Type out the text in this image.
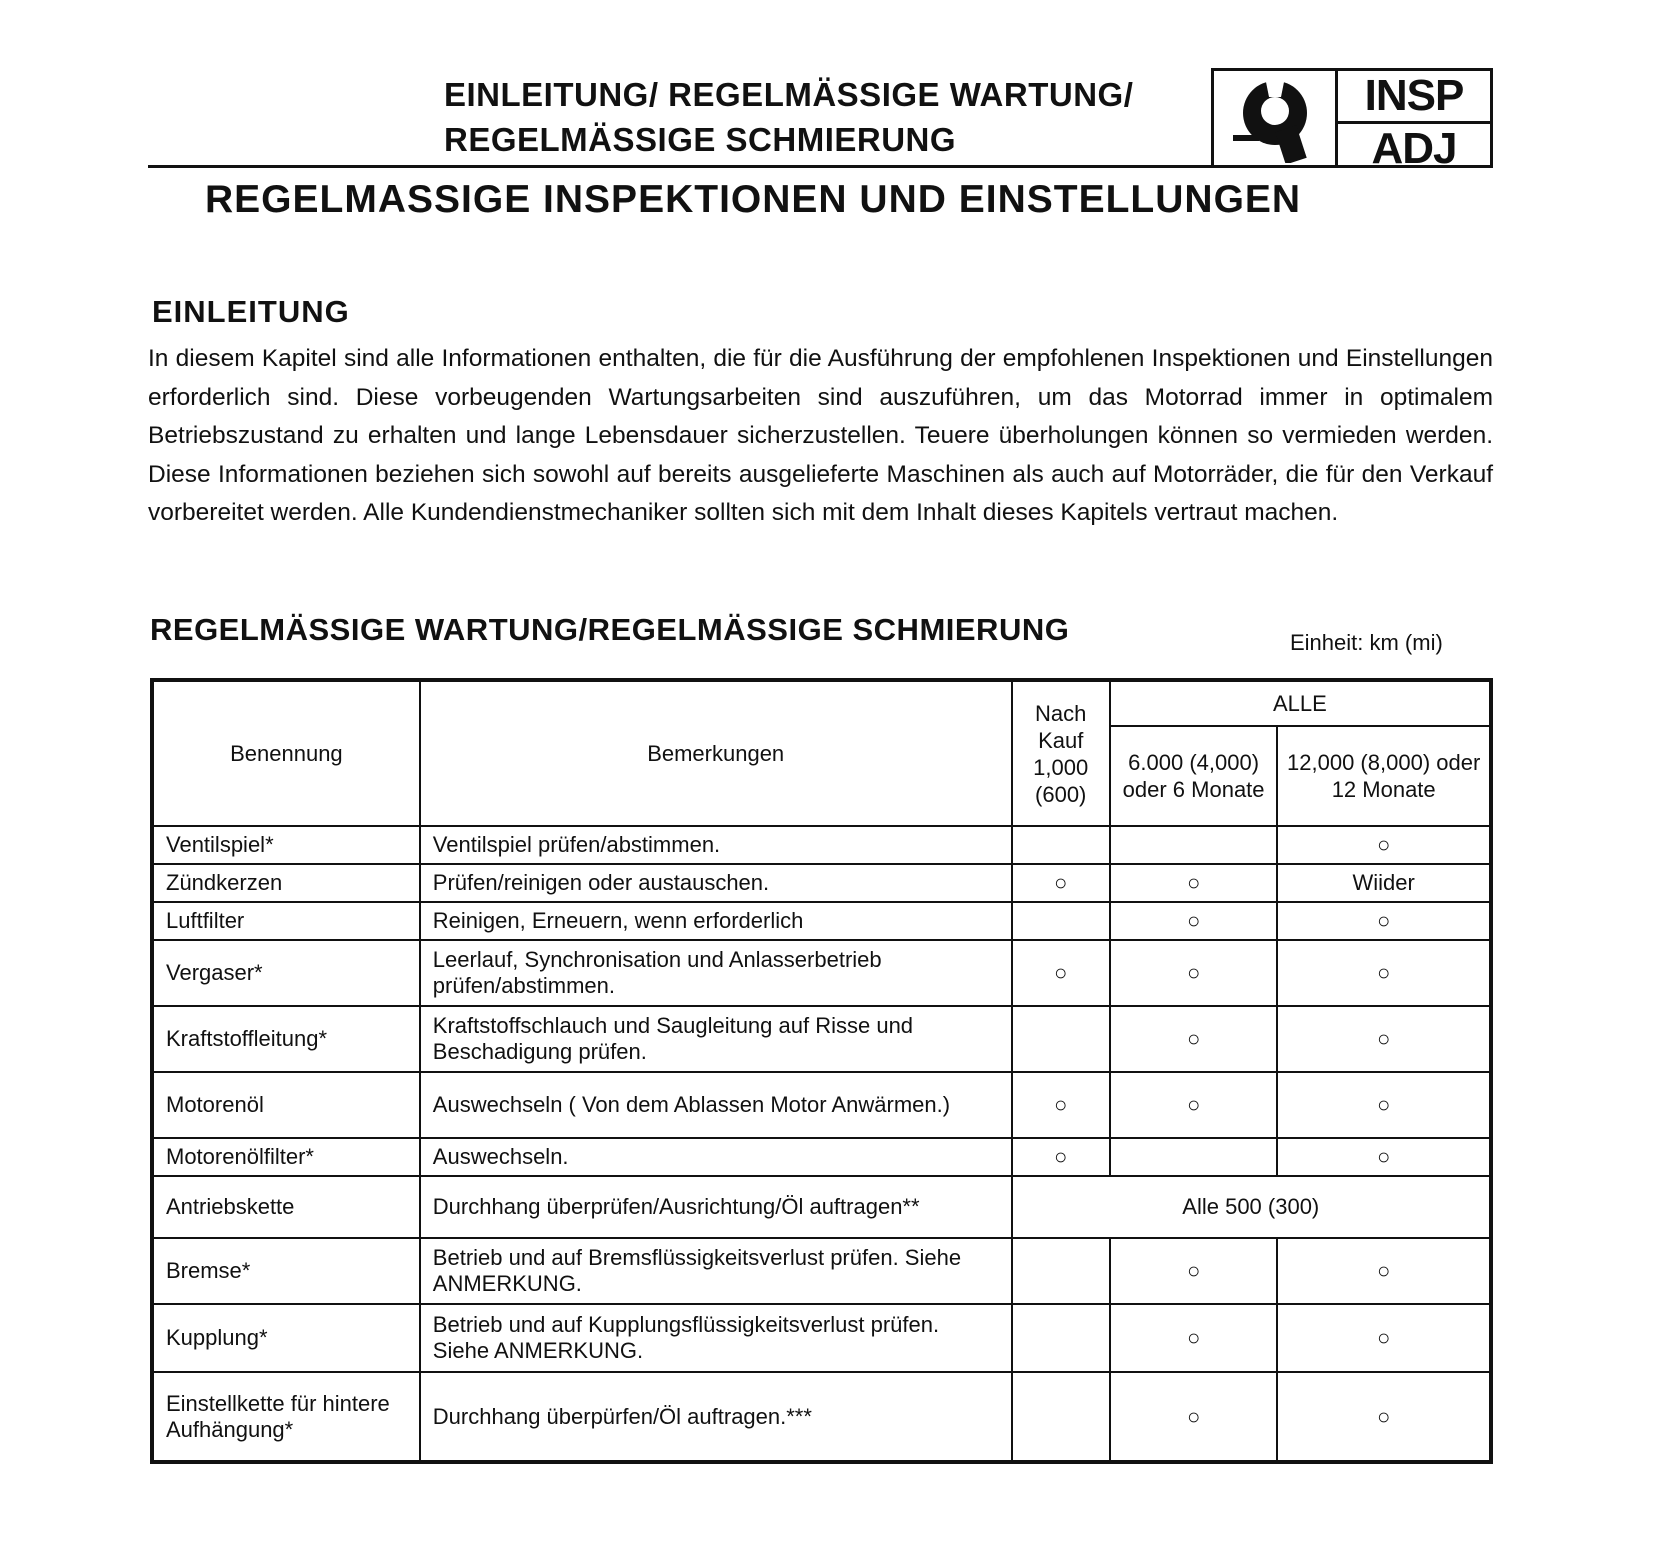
EINLEITUNG/ REGELMÄSSIGE WARTUNG/
REGELMÄSSIGE SCHMIERUNG
INSP
ADJ
REGELMASSIGE INSPEKTIONEN UND EINSTELLUNGEN
EINLEITUNG
In diesem Kapitel sind alle Informationen enthalten, die für die Ausführung der empfohlenen Inspektionen und Einstellungen erforderlich sind. Diese vorbeugenden Wartungsarbeiten sind auszuführen, um das Motorrad immer in optimalem Betriebszustand zu erhalten und lange Lebensdauer sicherzustellen. Teuere überholungen können so vermieden werden. Diese Informationen beziehen sich sowohl auf bereits ausgelieferte Maschinen als auch auf Motorräder, die für den Verkauf vorbereitet werden. Alle Kundendienstmechaniker sollten sich mit dem Inhalt dieses Kapitels vertraut machen.
REGELMÄSSIGE WARTUNG/REGELMÄSSIGE SCHMIERUNG	Einheit: km (mi)
Benennung	Bemerkungen	Nach Kauf 1,000 (600)	ALLE	
			6.000 (4,000) oder 6 Monate	12,000 (8,000) oder 12 Monate
Ventilspiel*	Ventilspiel prüfen/abstimmen.			○
Zündkerzen	Prüfen/reinigen oder austauschen.	○	○	Wiider
Luftfilter	Reinigen, Erneuern, wenn erforderlich		○	○
Vergaser*	Leerlauf, Synchronisation und Anlasserbetrieb prüfen/abstimmen.	○	○	○
Kraftstoffleitung*	Kraftstoffschlauch und Saugleitung auf Risse und Beschadigung prüfen.		○	○
Motorenöl	Auswechseln ( Von dem Ablassen Motor Anwärmen.)	○	○	○
Motorenölfilter*	Auswechseln.	○		○
Antriebskette	Durchhang überprüfen/Ausrichtung/Öl auftragen**	Alle 500 (300)		
Bremse*	Betrieb und auf Bremsflüssigkeitsverlust prüfen. Siehe ANMERKUNG.		○	○
Kupplung*	Betrieb und auf Kupplungsflüssigkeitsverlust prüfen. Siehe ANMERKUNG.		○	○
Einstellkette für hintere Aufhängung*	Durchhang überpürfen/Öl auftragen.***		○	○
